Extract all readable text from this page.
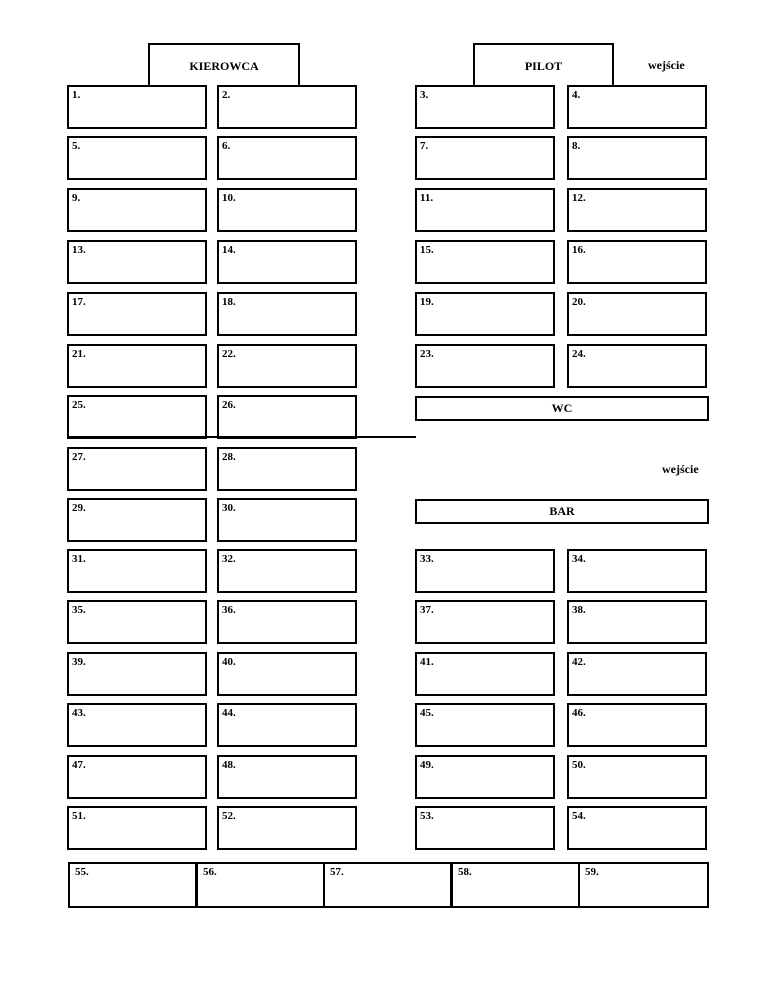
KIEROWCA	PILOT	wejście
1.	2.	3.	4.
5.	6.	7.	8.
9.	10.	11.	12.
13.	14.	15.	16.
17.	18.	19.	20.
21.	22.	23.	24.
25.	26.
27.	28.
29.	30.
31.	32.	33.	34.
35.	36.	37.	38.
39.	40.	41.	42.
43.	44.	45.	46.
47.	48.	49.	50.
51.	52.	53.	54.
55.	56.	57.	58.	59.
WC
wejście
BAR
